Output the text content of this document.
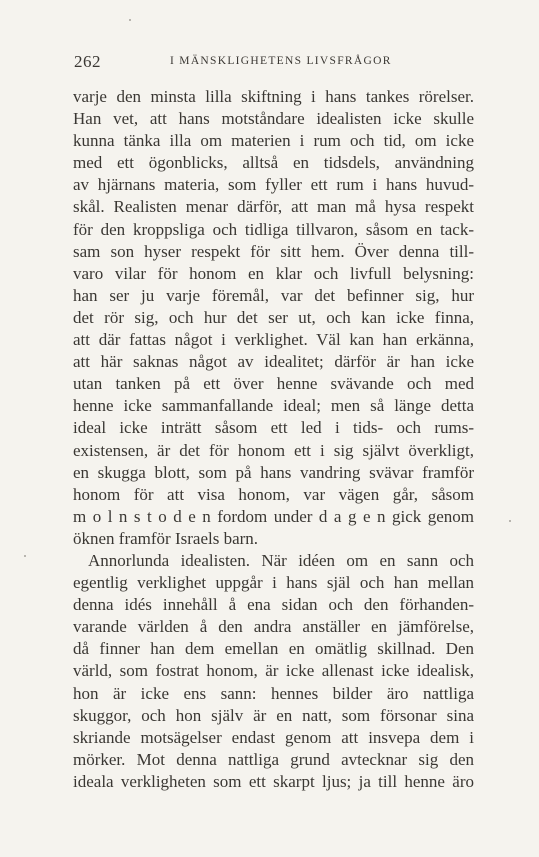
262	I MÄNSKLIGHETENS LIVSFRÅGOR
varje den minsta lilla skiftning i hans tankes rörelser.
Han vet, att hans motståndare idealisten icke skulle
kunna tänka illa om materien i rum och tid, om icke
med ett ögonblicks, alltså en tidsdels, användning
av hjärnans materia, som fyller ett rum i hans huvud-
skål. Realisten menar därför, att man må hysa respekt
för den kroppsliga och tidliga tillvaron, såsom en tack-
sam son hyser respekt för sitt hem. Över denna till-
varo vilar för honom en klar och livfull belysning:
han ser ju varje föremål, var det befinner sig, hur
det rör sig, och hur det ser ut, och kan icke finna,
att där fattas något i verklighet. Väl kan han erkänna,
att här saknas något av idealitet; därför är han icke
utan tanken på ett över henne svävande och med
henne icke sammanfallande ideal; men så länge detta
ideal icke inträtt såsom ett led i tids- och rums-
existensen, är det för honom ett i sig självt överkligt,
en skugga blott, som på hans vandring svävar framför
honom för att visa honom, var vägen går, såsom
m o l n s t o d e n fordom under d a g e n gick genom
öknen framför Israels barn.
Annorlunda idealisten. När idéen om en sann och
egentlig verklighet uppgår i hans själ och han mellan
denna idés innehåll å ena sidan och den förhanden-
varande världen å den andra anställer en jämförelse,
då finner han dem emellan en omätlig skillnad. Den
värld, som fostrat honom, är icke allenast icke idealisk,
hon är icke ens sann: hennes bilder äro nattliga
skuggor, och hon själv är en natt, som försonar sina
skriande motsägelser endast genom att insvepa dem i
mörker. Mot denna nattliga grund avtecknar sig den
ideala verkligheten som ett skarpt ljus; ja till henne äro
